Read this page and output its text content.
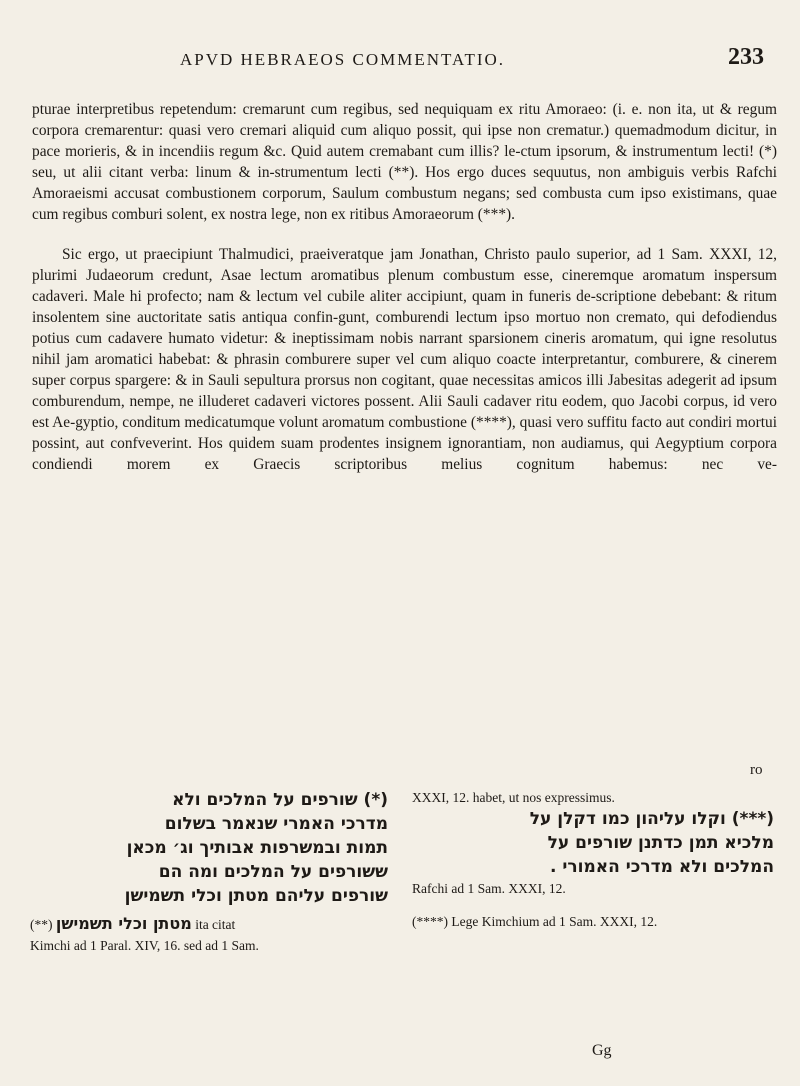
APVD HEBRAEOS COMMENTATIO.	233

pturae interpretibus repetendum: cremarunt cum regibus, sed nequiquam ex ritu Amoraeo: (i. e. non ita, ut & regum corpora cremarentur: quasi vero cremari aliquid cum aliquo possit, qui ipse non crematur.) quemadmodum dicitur, in pace morieris, & in incendiis regum &c. Quid autem cremabant cum illis? le-ctum ipsorum, & instrumentum lecti! (*) seu, ut alii citant verba: linum & in-strumentum lecti (**). Hos ergo duces sequutus, non ambiguis verbis Rafchi Amoraeismi accusat combustionem corporum, Saulum combustum negans; sed combusta cum ipso existimans, quae cum regibus comburi solent, ex nostra lege, non ex ritibus Amoraeorum (***).

Sic ergo, ut praecipiunt Thalmudici, praeiveratque jam Jonathan, Christo paulo superior, ad 1 Sam. XXXI, 12, plurimi Judaeorum credunt, Asae lectum aromatibus plenum combustum esse, cineremque aromatum inspersum cadaveri. Male hi profecto; nam & lectum vel cubile aliter accipiunt, quam in funeris de-scriptione debebant: & ritum insolentem sine auctoritate satis antiqua confin-gunt, comburendi lectum ipso mortuo non cremato, qui defodiendus potius cum cadavere humato videtur: & ineptissimam nobis narrant sparsionem cineris aromatum, qui igne resolutus nihil jam aromatici habebat: & phrasin comburere super vel cum aliquo coacte interpretantur, comburere, & cinerem super corpus spargere: & in Sauli sepultura prorsus non cogitant, quae necessitas amicos illi Jabesitas adegerit ad ipsum comburendum, nempe, ne illuderet cadaveri victores possent. Alii Sauli cadaver ritu eodem, quo Jacobi corpus, id vero est Ae-gyptio, conditum medicatumque volunt aromatum combustione (****), quasi vero suffitu facto aut condiri mortui possint, aut confveverint. Hos quidem suam prodentes insignem ignorantiam, non audiamus, qui Aegyptium corpora condiendi morem ex Graecis scriptoribus melius cognitum habemus: nec ve-

ro
(*) שורפים על המלכים ולא
מדרכי האמרי שנאמר בשלום
תמות ובמשרפות אבותיך וג׳ מכאן
ששורפים על המלכים ומה הם
שורפים עליהם מטתן וכלי תשמישן
(**) מטתן וכלי תשמישן ita citat
Kimchi ad 1 Paral. XIV, 16. sed ad 1 Sam.
XXXI, 12. habet, ut nos expressimus.
(***) וקלו עליהון כמו דקלן על
מלכיא תמן כדתנן שורפים על
המלכים ולא מדרכי האמורי .
Rafchi ad 1 Sam. XXXI, 12.
(****) Lege Kimchium ad 1 Sam. XXXI, 12.
Gg
